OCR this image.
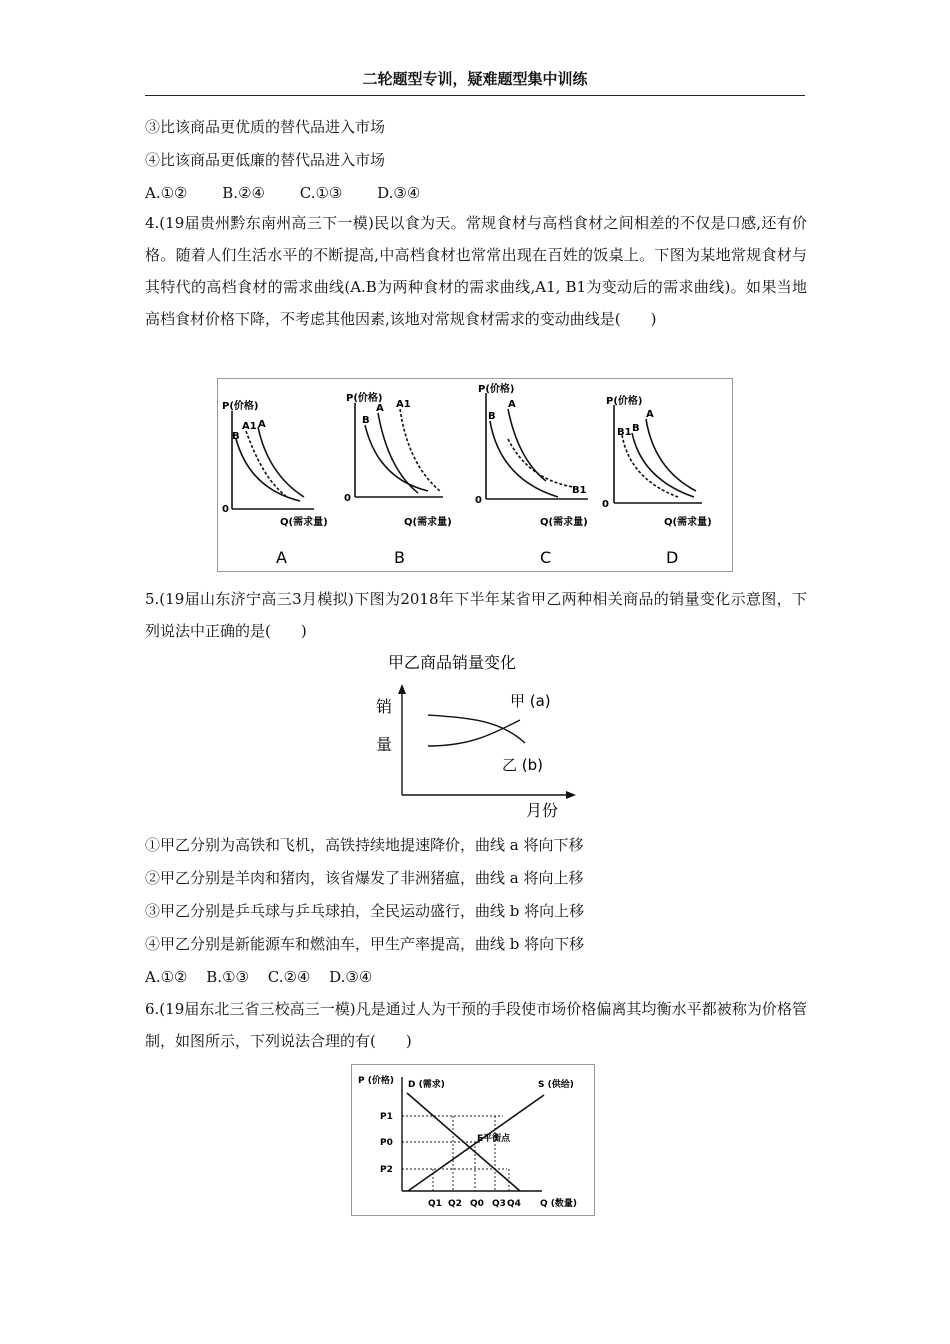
二轮题型专训，疑难题型集中训练
③比该商品更优质的替代品进入市场
④比该商品更低廉的替代品进入市场
A.①② B.②④ C.①③ D.③④
4.(19届贵州黔东南州高三下一模)民以食为天。常规食材与高档食材之间相差的不仅是口感,还有价格。随着人们生活水平的不断提高,中高档食材也常常出现在百姓的饭桌上。下图为某地常规食材与其特代的高档食材的需求曲线(A.B为两种食材的需求曲线,A1, B1为变动后的需求曲线)。如果当地高档食材价格下降，不考虑其他因素,该地对常规食材需求的变动曲线是(　　)
P(价格)
0
Q(需求量)
B
A1 A
A
P(价格)
0
Q(需求量)
B
A A1
B
P(价格)
0
Q(需求量)
B
A
B1
C
P(价格)
0
Q(需求量)
B1 B
A
D
5.(19届山东济宁高三3月模拟)下图为2018年下半年某省甲乙两种相关商品的销量变化示意图，下列说法中正确的是(　　)
甲乙商品销量变化
销
量
月份
甲 (a)
乙 (b)
①甲乙分别为高铁和飞机，高铁持续地提速降价，曲线 a 将向下移
②甲乙分别是羊肉和猪肉，该省爆发了非洲猪瘟，曲线 a 将向上移
③甲乙分别是乒乓球与乒乓球拍，全民运动盛行，曲线 b 将向上移
④甲乙分别是新能源车和燃油车，甲生产率提高，曲线 b 将向下移
A.①② B.①③ C.②④ D.③④
6.(19届东北三省三校高三一模)凡是通过人为干预的手段使市场价格偏离其均衡水平都被称为价格管制，如图所示，下列说法合理的有(　　)
P (价格) D (需求)	S (供给)
P1
P0
P2
E平衡点
Q1 Q2 Q0 Q3 Q4 Q (数量)
